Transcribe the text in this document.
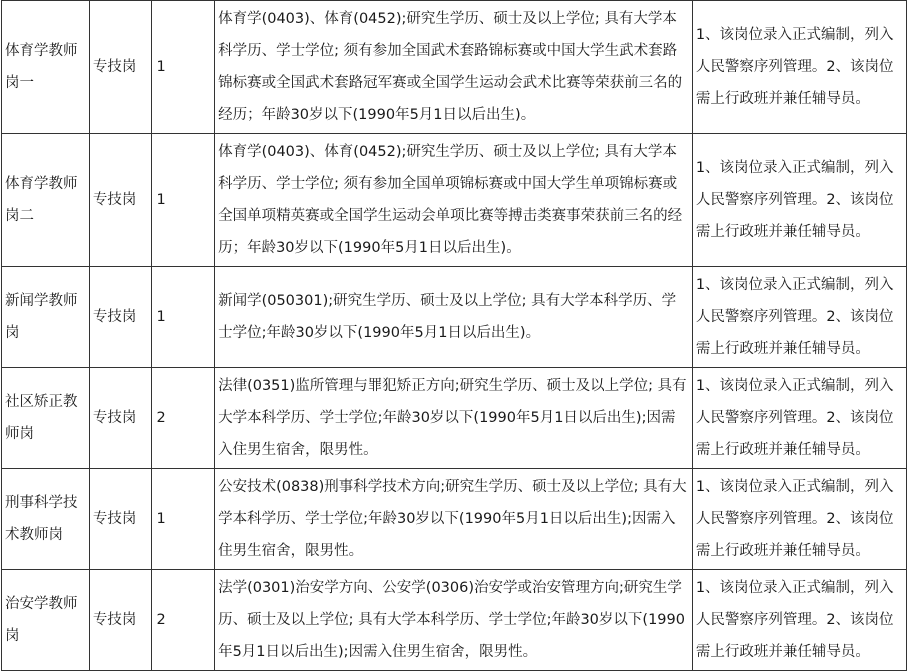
体育学教师岗一	专技岗	1	体育学(0403)、体育(0452);研究生学历、硕士及以上学位; 具有大学本科学历、学士学位; 须有参加全国武术套路锦标赛或中国大学生武术套路锦标赛或全国武术套路冠军赛或全国学生运动会武术比赛等荣获前三名的经历；年龄30岁以下(1990年5月1日以后出生)。	1、该岗位录入正式编制，列入人民警察序列管理。2、该岗位需上行政班并兼任辅导员。
体育学教师岗二	专技岗	1	体育学(0403)、体育(0452);研究生学历、硕士及以上学位; 具有大学本科学历、学士学位; 须有参加全国单项锦标赛或中国大学生单项锦标赛或全国单项精英赛或全国学生运动会单项比赛等搏击类赛事荣获前三名的经历；年龄30岁以下(1990年5月1日以后出生)。	1、该岗位录入正式编制，列入人民警察序列管理。2、该岗位需上行政班并兼任辅导员。
新闻学教师岗	专技岗	1	新闻学(050301);研究生学历、硕士及以上学位; 具有大学本科学历、学士学位;年龄30岁以下(1990年5月1日以后出生)。	1、该岗位录入正式编制，列入人民警察序列管理。2、该岗位需上行政班并兼任辅导员。
社区矫正教师岗	专技岗	2	法律(0351)监所管理与罪犯矫正方向;研究生学历、硕士及以上学位; 具有大学本科学历、学士学位;年龄30岁以下(1990年5月1日以后出生);因需入住男生宿舍，限男性。	1、该岗位录入正式编制，列入人民警察序列管理。2、该岗位需上行政班并兼任辅导员。
刑事科学技术教师岗	专技岗	1	公安技术(0838)刑事科学技术方向;研究生学历、硕士及以上学位; 具有大学本科学历、学士学位;年龄30岁以下(1990年5月1日以后出生);因需入住男生宿舍，限男性。	1、该岗位录入正式编制，列入人民警察序列管理。2、该岗位需上行政班并兼任辅导员。
治安学教师岗	专技岗	2	法学(0301)治安学方向、公安学(0306)治安学或治安管理方向;研究生学历、硕士及以上学位; 具有大学本科学历、学士学位;年龄30岁以下(1990年5月1日以后出生);因需入住男生宿舍，限男性。	1、该岗位录入正式编制，列入人民警察序列管理。2、该岗位需上行政班并兼任辅导员。
